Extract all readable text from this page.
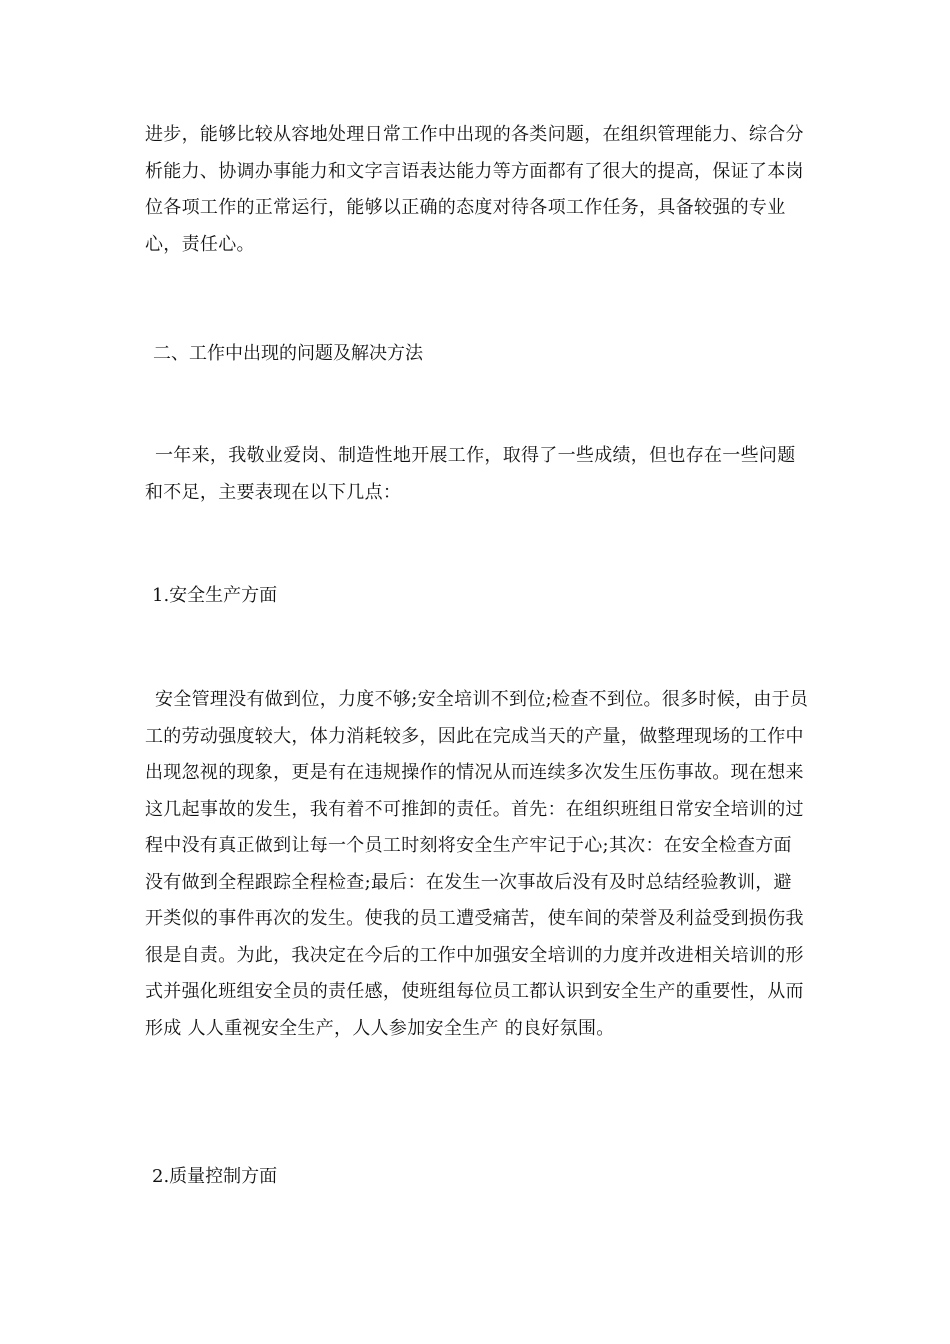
进步，能够比较从容地处理日常工作中出现的各类问题，在组织管理能力、综合分析能力、协调办事能力和文字言语表达能力等方面都有了很大的提高，保证了本岗位各项工作的正常运行，能够以正确的态度对待各项工作任务，具备较强的专业心，责任心。
二、工作中出现的问题及解决方法
一年来，我敬业爱岗、制造性地开展工作，取得了一些成绩，但也存在一些问题和不足，主要表现在以下几点：
1.安全生产方面
安全管理没有做到位，力度不够;安全培训不到位;检查不到位。很多时候，由于员工的劳动强度较大，体力消耗较多，因此在完成当天的产量，做整理现场的工作中出现忽视的现象，更是有在违规操作的情况从而连续多次发生压伤事故。现在想来这几起事故的发生，我有着不可推卸的责任。首先：在组织班组日常安全培训的过程中没有真正做到让每一个员工时刻将安全生产牢记于心;其次：在安全检查方面没有做到全程跟踪全程检查;最后：在发生一次事故后没有及时总结经验教训，避开类似的事件再次的发生。使我的员工遭受痛苦，使车间的荣誉及利益受到损伤我很是自责。为此，我决定在今后的工作中加强安全培训的力度并改进相关培训的形式并强化班组安全员的责任感，使班组每位员工都认识到安全生产的重要性，从而形成 人人重视安全生产，人人参加安全生产 的良好氛围。
2.质量控制方面
